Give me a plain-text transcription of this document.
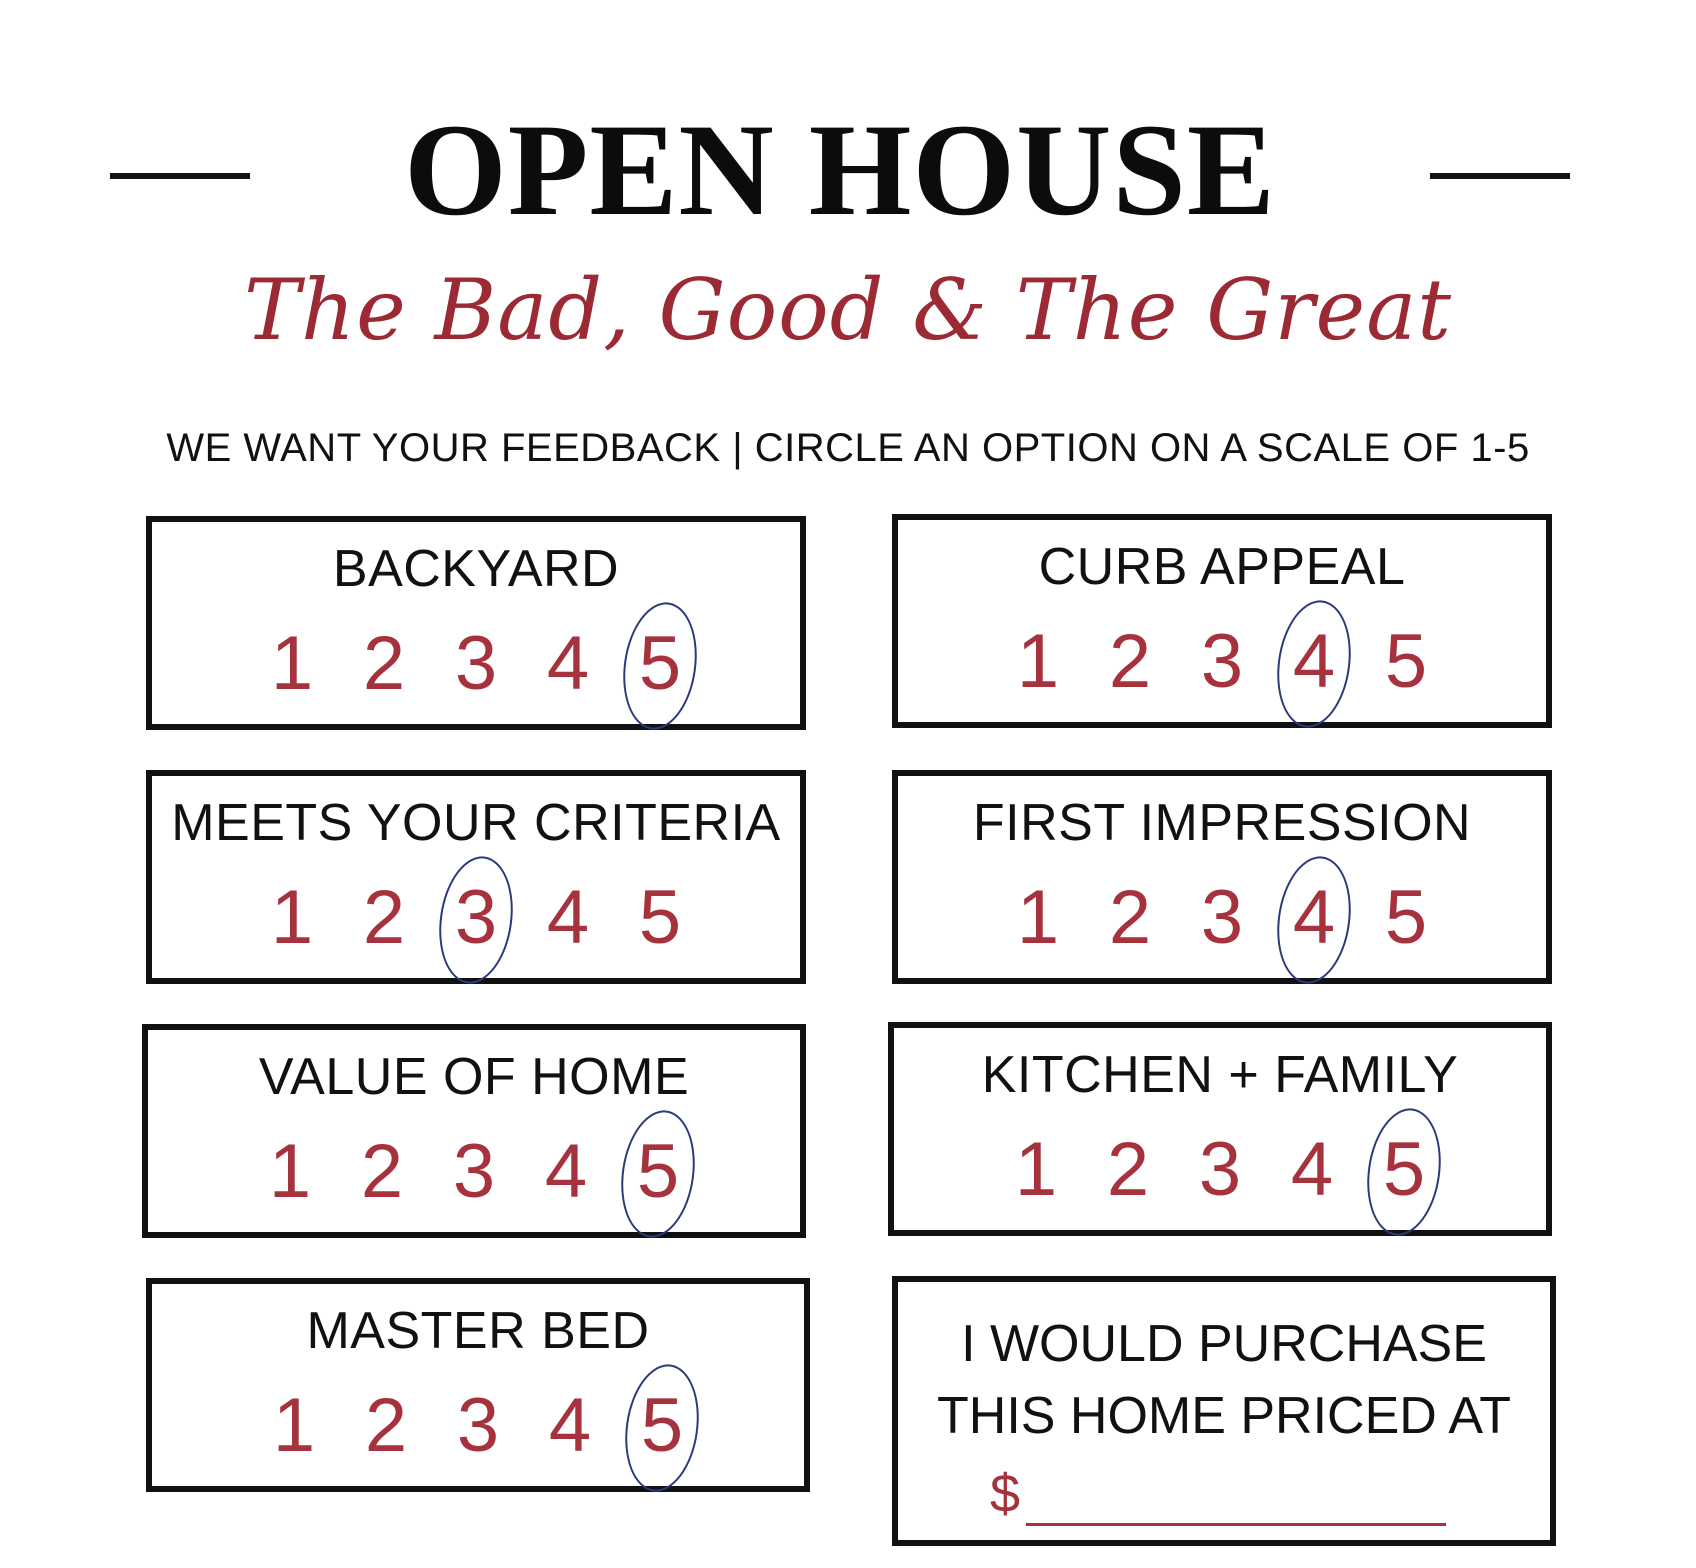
OPEN HOUSE
The Bad, Good & The Great
WE WANT YOUR FEEDBACK | CIRCLE AN OPTION ON A SCALE OF 1-5
BACKYARD
1 2 3 4 5
CURB APPEAL
1 2 3 4 5
MEETS YOUR CRITERIA
1 2 3 4 5
FIRST IMPRESSION
1 2 3 4 5
VALUE OF HOME
1 2 3 4 5
KITCHEN + FAMILY
1 2 3 4 5
MASTER BED
1 2 3 4 5
I WOULD PURCHASE
THIS HOME PRICED AT
$
